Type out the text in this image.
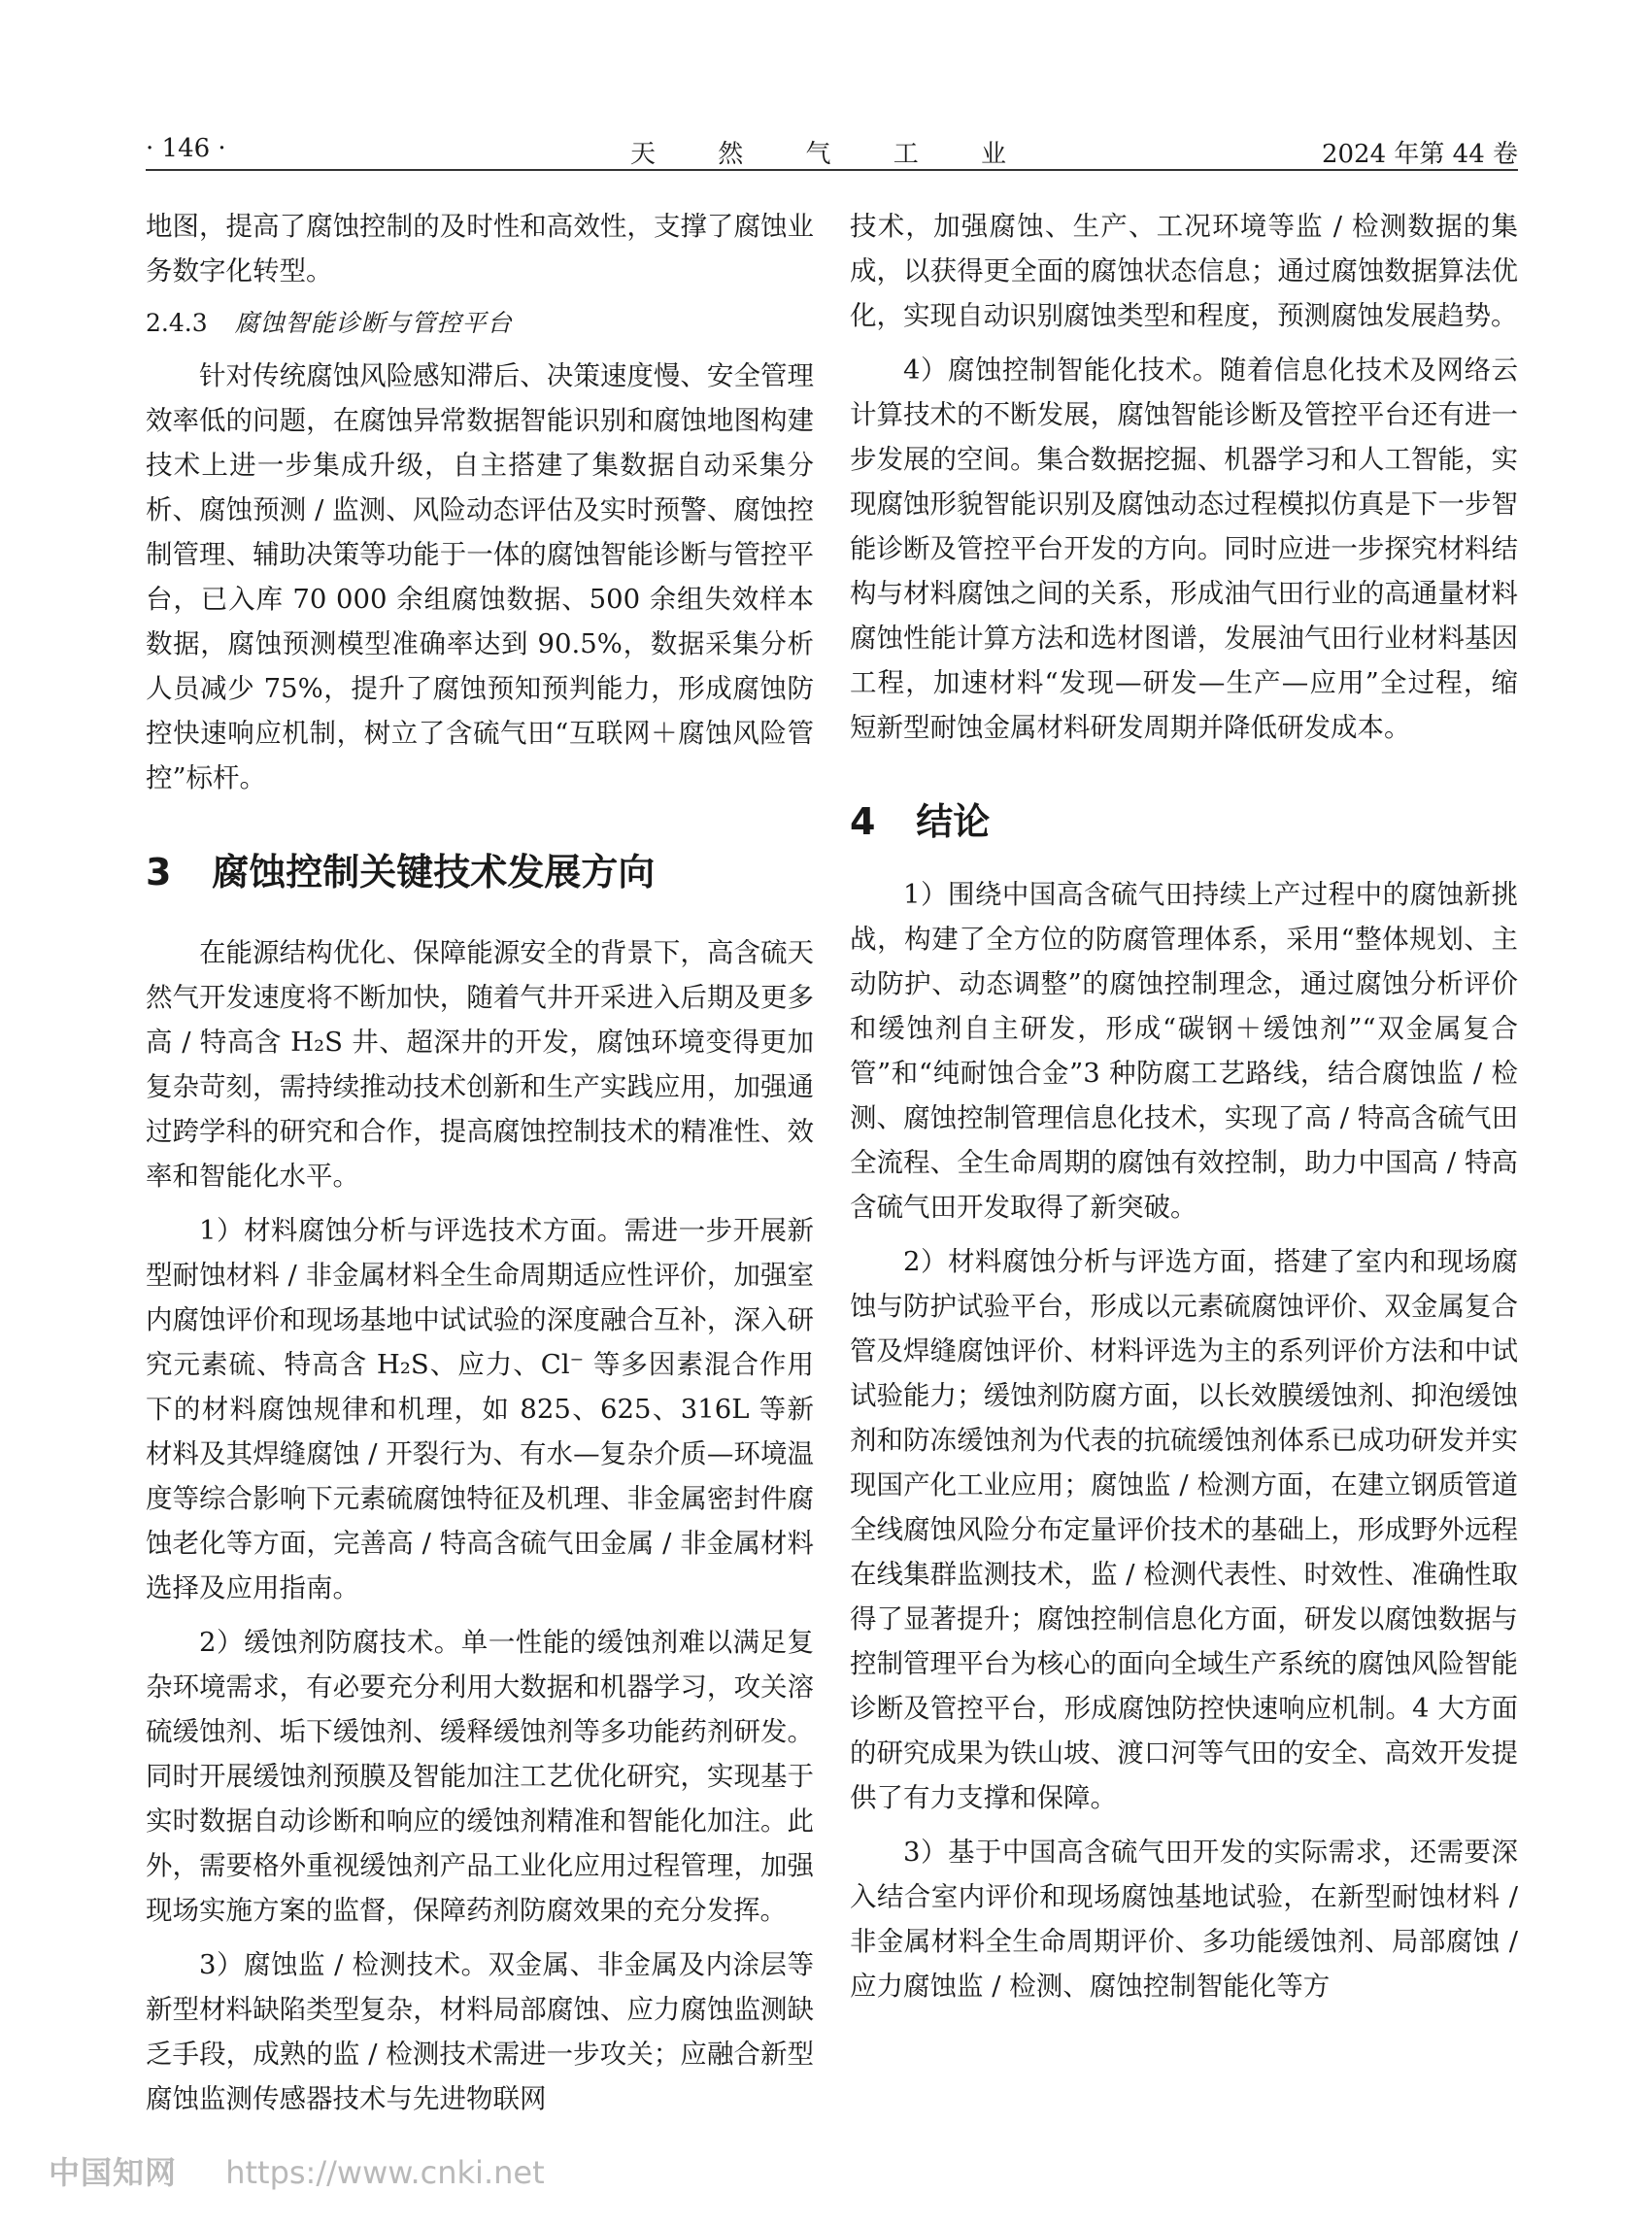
· 146 ·	天 然 气 工 业	2024 年第 44 卷

地图，提高了腐蚀控制的及时性和高效性，支撑了腐蚀业务数字化转型。

2.4.3 腐蚀智能诊断与管控平台

针对传统腐蚀风险感知滞后、决策速度慢、安全管理效率低的问题，在腐蚀异常数据智能识别和腐蚀地图构建技术上进一步集成升级，自主搭建了集数据自动采集分析、腐蚀预测 / 监测、风险动态评估及实时预警、腐蚀控制管理、辅助决策等功能于一体的腐蚀智能诊断与管控平台，已入库 70 000 余组腐蚀数据、500 余组失效样本数据，腐蚀预测模型准确率达到 90.5%，数据采集分析人员减少 75%，提升了腐蚀预知预判能力，形成腐蚀防控快速响应机制，树立了含硫气田“互联网＋腐蚀风险管控”标杆。

3 腐蚀控制关键技术发展方向

在能源结构优化、保障能源安全的背景下，高含硫天然气开发速度将不断加快，随着气井开采进入后期及更多高 / 特高含 H₂S 井、超深井的开发，腐蚀环境变得更加复杂苛刻，需持续推动技术创新和生产实践应用，加强通过跨学科的研究和合作，提高腐蚀控制技术的精准性、效率和智能化水平。

1）材料腐蚀分析与评选技术方面。需进一步开展新型耐蚀材料 / 非金属材料全生命周期适应性评价，加强室内腐蚀评价和现场基地中试试验的深度融合互补，深入研究元素硫、特高含 H₂S、应力、Cl⁻ 等多因素混合作用下的材料腐蚀规律和机理，如 825、625、316L 等新材料及其焊缝腐蚀 / 开裂行为、有水—复杂介质—环境温度等综合影响下元素硫腐蚀特征及机理、非金属密封件腐蚀老化等方面，完善高 / 特高含硫气田金属 / 非金属材料选择及应用指南。

2）缓蚀剂防腐技术。单一性能的缓蚀剂难以满足复杂环境需求，有必要充分利用大数据和机器学习，攻关溶硫缓蚀剂、垢下缓蚀剂、缓释缓蚀剂等多功能药剂研发。同时开展缓蚀剂预膜及智能加注工艺优化研究，实现基于实时数据自动诊断和响应的缓蚀剂精准和智能化加注。此外，需要格外重视缓蚀剂产品工业化应用过程管理，加强现场实施方案的监督，保障药剂防腐效果的充分发挥。

3）腐蚀监 / 检测技术。双金属、非金属及内涂层等新型材料缺陷类型复杂，材料局部腐蚀、应力腐蚀监测缺乏手段，成熟的监 / 检测技术需进一步攻关；应融合新型腐蚀监测传感器技术与先进物联网

技术，加强腐蚀、生产、工况环境等监 / 检测数据的集成，以获得更全面的腐蚀状态信息；通过腐蚀数据算法优化，实现自动识别腐蚀类型和程度，预测腐蚀发展趋势。

4）腐蚀控制智能化技术。随着信息化技术及网络云计算技术的不断发展，腐蚀智能诊断及管控平台还有进一步发展的空间。集合数据挖掘、机器学习和人工智能，实现腐蚀形貌智能识别及腐蚀动态过程模拟仿真是下一步智能诊断及管控平台开发的方向。同时应进一步探究材料结构与材料腐蚀之间的关系，形成油气田行业的高通量材料腐蚀性能计算方法和选材图谱，发展油气田行业材料基因工程，加速材料“发现—研发—生产—应用”全过程，缩短新型耐蚀金属材料研发周期并降低研发成本。

4 结论

1）围绕中国高含硫气田持续上产过程中的腐蚀新挑战，构建了全方位的防腐管理体系，采用“整体规划、主动防护、动态调整”的腐蚀控制理念，通过腐蚀分析评价和缓蚀剂自主研发，形成“碳钢＋缓蚀剂”“双金属复合管”和“纯耐蚀合金”3 种防腐工艺路线，结合腐蚀监 / 检测、腐蚀控制管理信息化技术，实现了高 / 特高含硫气田全流程、全生命周期的腐蚀有效控制，助力中国高 / 特高含硫气田开发取得了新突破。

2）材料腐蚀分析与评选方面，搭建了室内和现场腐蚀与防护试验平台，形成以元素硫腐蚀评价、双金属复合管及焊缝腐蚀评价、材料评选为主的系列评价方法和中试试验能力；缓蚀剂防腐方面，以长效膜缓蚀剂、抑泡缓蚀剂和防冻缓蚀剂为代表的抗硫缓蚀剂体系已成功研发并实现国产化工业应用；腐蚀监 / 检测方面，在建立钢质管道全线腐蚀风险分布定量评价技术的基础上，形成野外远程在线集群监测技术，监 / 检测代表性、时效性、准确性取得了显著提升；腐蚀控制信息化方面，研发以腐蚀数据与控制管理平台为核心的面向全域生产系统的腐蚀风险智能诊断及管控平台，形成腐蚀防控快速响应机制。4 大方面的研究成果为铁山坡、渡口河等气田的安全、高效开发提供了有力支撑和保障。

3）基于中国高含硫气田开发的实际需求，还需要深入结合室内评价和现场腐蚀基地试验，在新型耐蚀材料 / 非金属材料全生命周期评价、多功能缓蚀剂、局部腐蚀 / 应力腐蚀监 / 检测、腐蚀控制智能化等方

中国知网 https://www.cnki.net
